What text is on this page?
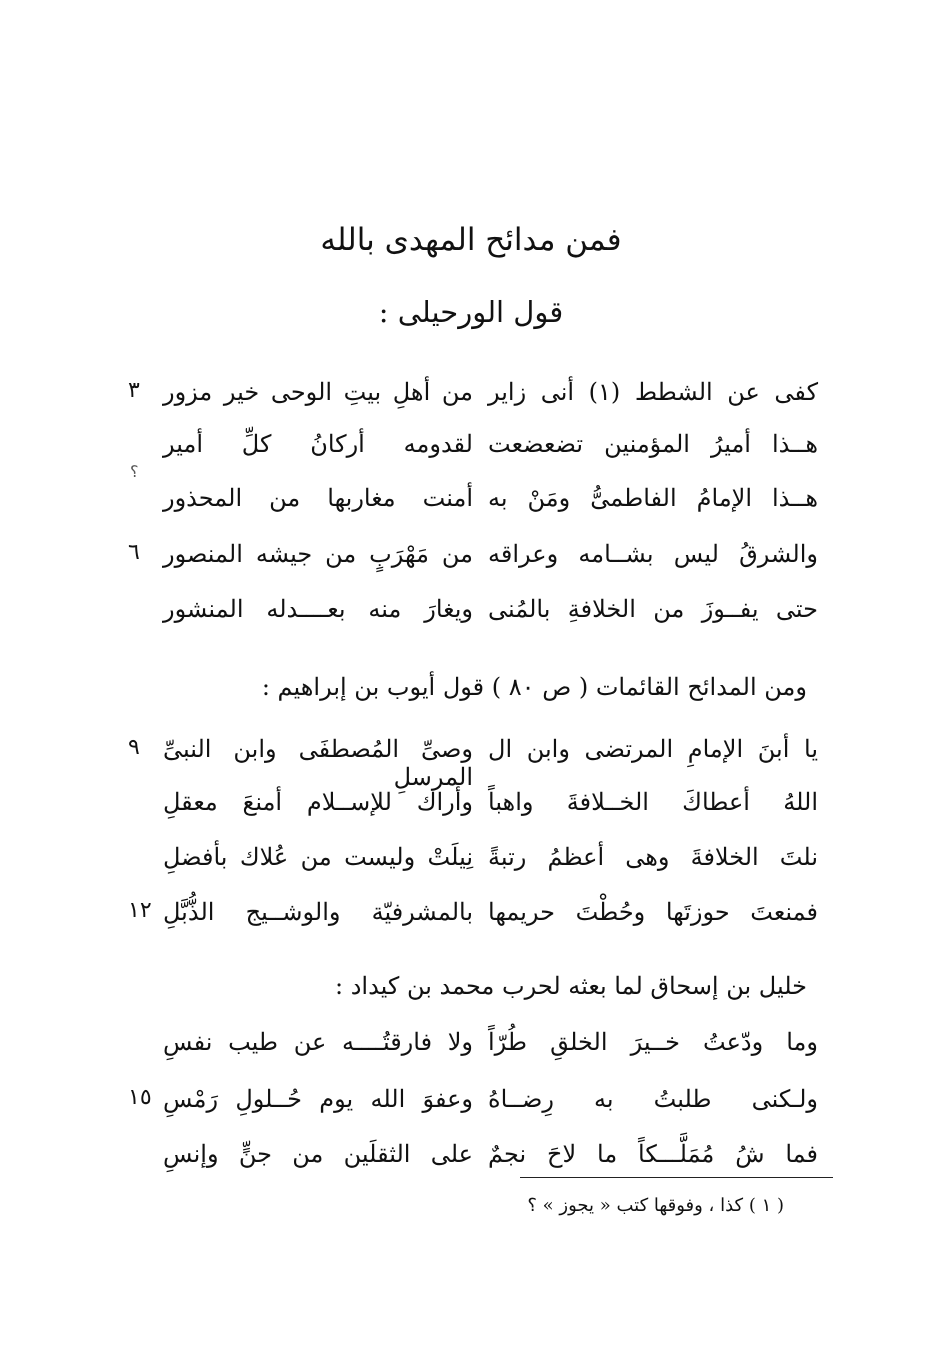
فمن مدائح المهدى بالله
قول الورحيلى :
كفى عن الشطط (١) أنى زاير
من أهلِ بيتِ الوحى خير مزور
٣
هــذا أميرُ المؤمنين تضعضعت
لقدومه أركانُ كلِّ أمير
؟
هــذا الإمامُ الفاطمىُّ ومَنْ به
أمنت مغاربها من المحذور
والشرقُ ليس بشــامه وعراقه
من مَهْرَبٍ من جيشه المنصور
٦
حتى يفــوزَ من الخلافةِ بالمُنى
ويغارَ منه بعــــدله المنشور
ومن المدائح القائمات ( ص ٨٠ ) قول أيوب بن إبراهيم :
يا أبنَ الإمامِ المرتضى وابن ال
وصىِّ المُصطفَى وابن النبىِّ المرسلِ
٩
اللهُ أعطاكَ الخــلافةَ واهباً
وأراك للإســلام أمنعَ معقلِ
نلتَ الخلافةَ وهى أعظمُ رتبةً
نِيلَتْ وليست من عُلاك بأفضلِ
فمنعتَ حوزتَها وحُطْتَ حريمها
بالمشرفيّة والوشــيج الذُّبَّلِ
١٢
خليل بن إسحاق لما بعثه لحرب محمد بن كيداد :
وما ودّعتُ خــيرَ الخلقِ طُرّاً
ولا فارقتُــــه عن طيب نفسِ
ولـكنى طلبتُ به رِضــاهُ
وعفوَ الله يوم حُــلولِ رَمْسِ
١٥
فما شُ مُمَلَّـــكاً ما لاحَ نجمٌ
على الثقلَين من جنٍّ وإنسِ
( ١ ) كذا ، وفوقها كتب « يجوز » ؟
